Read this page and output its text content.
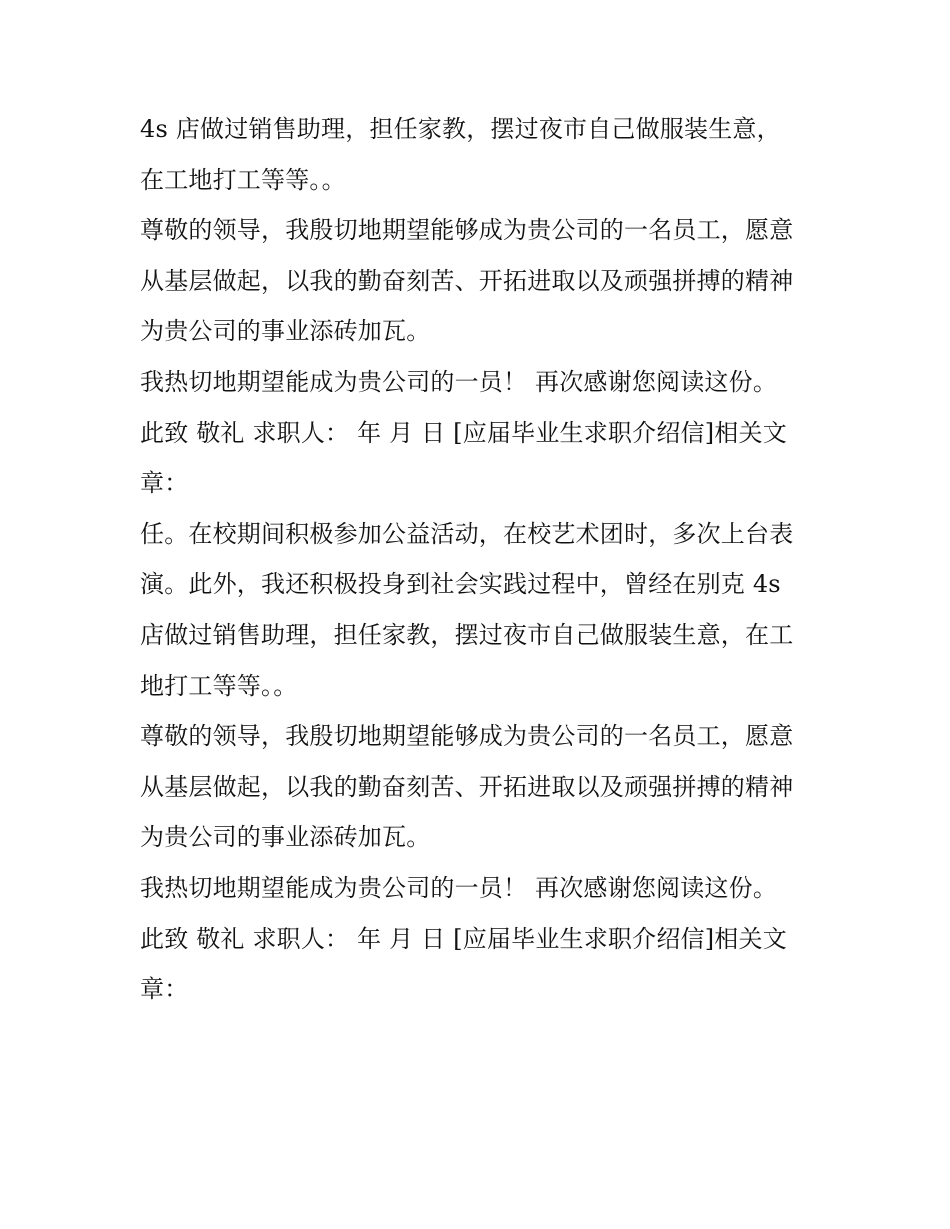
4s 店做过销售助理，担任家教，摆过夜市自己做服装生意，
在工地打工等等。。
尊敬的领导，我殷切地期望能够成为贵公司的一名员工，愿意
从基层做起，以我的勤奋刻苦、开拓进取以及顽强拼搏的精神
为贵公司的事业添砖加瓦。
我热切地期望能成为贵公司的一员！ 再次感谢您阅读这份。
此致 敬礼 求职人： 年 月 日 [应届毕业生求职介绍信]相关文
章：
任。在校期间积极参加公益活动，在校艺术团时，多次上台表
演。此外，我还积极投身到社会实践过程中，曾经在别克 4s
店做过销售助理，担任家教，摆过夜市自己做服装生意，在工
地打工等等。。
尊敬的领导，我殷切地期望能够成为贵公司的一名员工，愿意
从基层做起，以我的勤奋刻苦、开拓进取以及顽强拼搏的精神
为贵公司的事业添砖加瓦。
我热切地期望能成为贵公司的一员！ 再次感谢您阅读这份。
此致 敬礼 求职人： 年 月 日 [应届毕业生求职介绍信]相关文
章：
